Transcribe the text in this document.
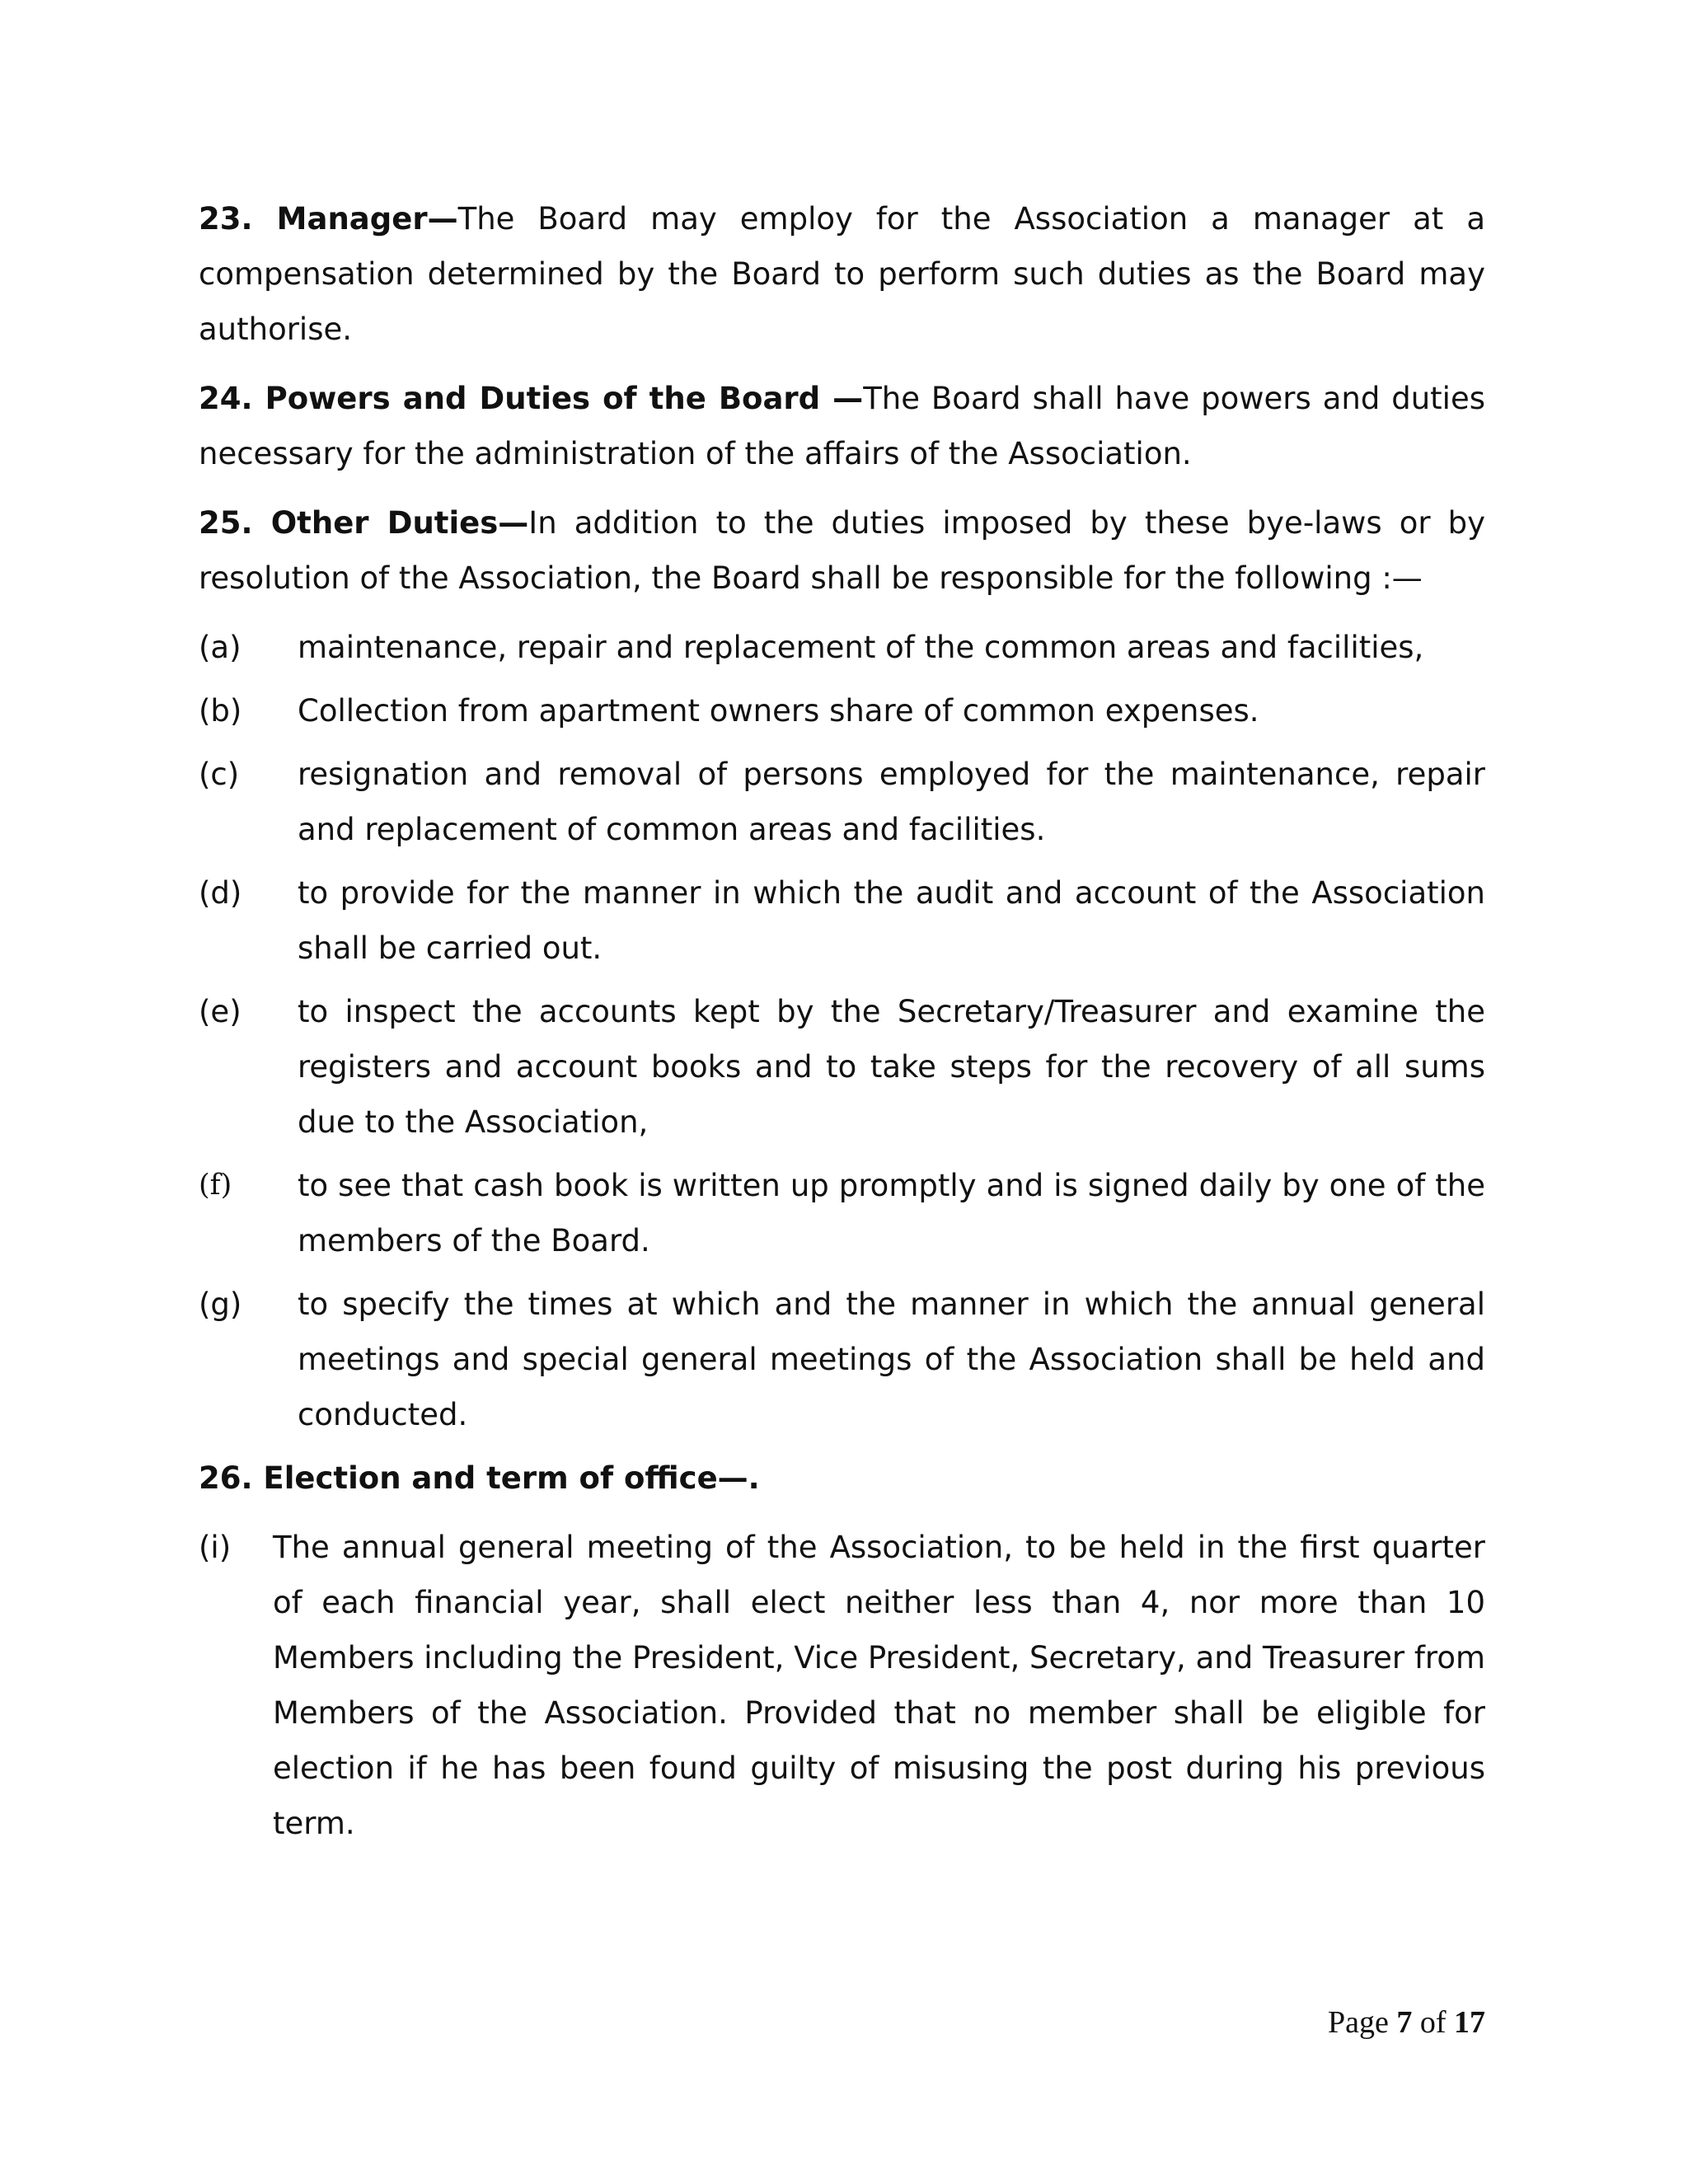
23. Manager—The Board may employ for the Association a manager at a compensation determined by the Board to perform such duties as the Board may authorise.

24. Powers and Duties of the Board —The Board shall have powers and duties necessary for the administration of the affairs of the Association.

25. Other Duties—In addition to the duties imposed by these bye-laws or by resolution of the Association, the Board shall be responsible for the following :—

(a)	maintenance, repair and replacement of the common areas and facilities,
(b)	Collection from apartment owners share of common expenses.
(c)	resignation and removal of persons employed for the maintenance, repair and replacement of common areas and facilities.
(d)	to provide for the manner in which the audit and account of the Association shall be carried out.
(e)	to inspect the accounts kept by the Secretary/Treasurer and examine the registers and account books and to take steps for the recovery of all sums due to the Association,
(f)	to see that cash book is written up promptly and is signed daily by one of the members of the Board.
(g)	to specify the times at which and the manner in which the annual general meetings and special general meetings of the Association shall be held and conducted.
26. Election and term of office—.
(i)	The annual general meeting of the Association, to be held in the first quarter of each financial year, shall elect neither less than 4, nor more than 10 Members including the President, Vice President, Secretary, and Treasurer from Members of the Association. Provided that no member shall be eligible for election if he has been found guilty of misusing the post during his previous term.
Page 7 of 17
